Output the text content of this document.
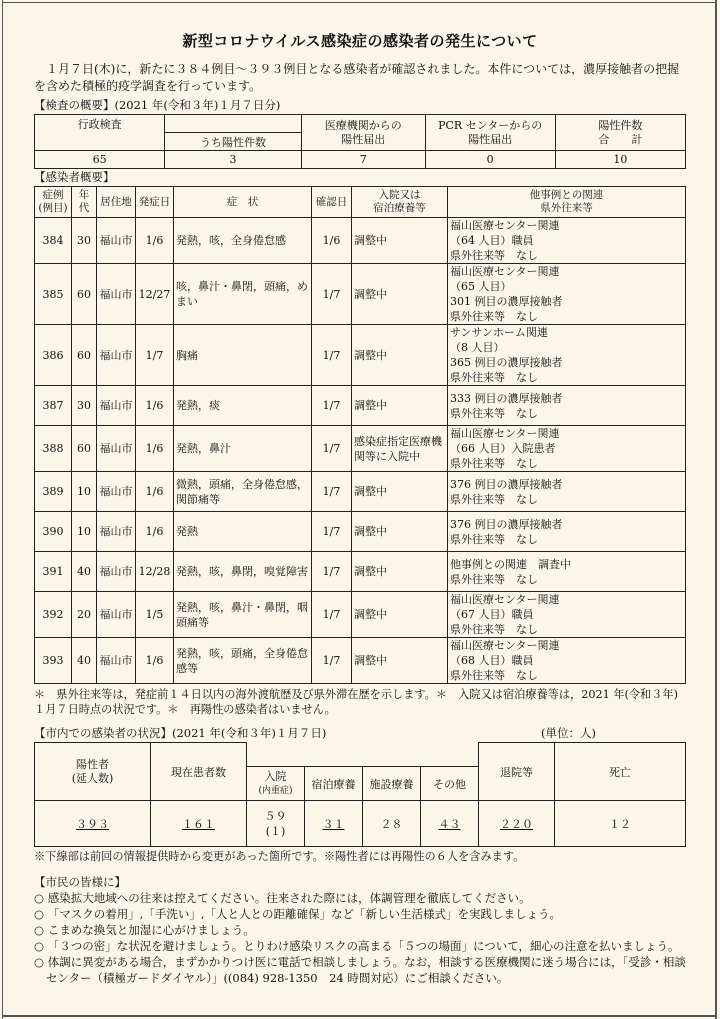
新型コロナウイルス感染症の感染者の発生について

１月７日(木)に，新たに３８４例目～３９３例目となる感染者が確認されました。本件については，濃厚接触者の把握を含めた積極的疫学調査を行っています。

【検査の概要】(2021 年(令和３年)１月７日分)
行政検査		医療機関からの
陽性届出	PCR センターからの
陽性届出	陽性件数
合　　計
	うち陽性件数			
65	3	7	0	10
【感染者概要】
症例
(例目)	年代	居住地	発症日	症　状	確認日	入院又は
宿泊療養等	他事例との関連
県外往来等
384	30	福山市	1/6	発熱，咳，全身倦怠感	1/6	調整中	福山医療センター関連
（64 人目）職員
県外往来等　なし
385	60	福山市	12/27	咳，鼻汁・鼻閉，頭痛，めまい	1/7	調整中	福山医療センター関連
（65 人目）
301 例目の濃厚接触者
県外往来等　なし
386	60	福山市	1/7	胸痛	1/7	調整中	サンサンホーム関連
（8 人目）
365 例目の濃厚接触者
県外往来等　なし
387	30	福山市	1/6	発熱，痰	1/7	調整中	333 例目の濃厚接触者
県外往来等　なし
388	60	福山市	1/6	発熱，鼻汁	1/7	感染症指定医療機関等に入院中	福山医療センター関連
（66 人目）入院患者
県外往来等　なし
389	10	福山市	1/6	微熱，頭痛，全身倦怠感，関節痛等	1/7	調整中	376 例目の濃厚接触者
県外往来等　なし
390	10	福山市	1/6	発熱	1/7	調整中	376 例目の濃厚接触者
県外往来等　なし
391	40	福山市	12/28	発熱，咳，鼻閉，嗅覚障害	1/7	調整中	他事例との関連　調査中
県外往来等　なし
392	20	福山市	1/5	発熱，咳，鼻汁・鼻閉，咽頭痛等	1/7	調整中	福山医療センター関連
（67 人目）職員
県外往来等　なし
393	40	福山市	1/6	発熱，咳，頭痛，全身倦怠感等	1/7	調整中	福山医療センター関連
（68 人目）職員
県外往来等　なし

＊　県外往来等は，発症前１４日以内の海外渡航歴及び県外滞在歴を示します。＊　入院又は宿泊療養等は，2021 年(令和３年)１月７日時点の状況です。＊　再陽性の感染者はいません。

【市内での感染者の状況】(2021 年(令和３年)１月７日)	(単位：人)
陽性者
(延人数)	現在患者数					退院等	死亡
		入院
(内重症)	宿泊療養	施設療養	その他		
３９３	１６１	５９
(１)	３１	２８	４３	２２０	１２

※下線部は前回の情報提供時から変更があった箇所です。※陽性者には再陽性の６人を含みます。

【市民の皆様に】
○ 感染拡大地域への往来は控えてください。往来された際には，体調管理を徹底してください。
○ 「マスクの着用」,「手洗い」,「人と人との距離確保」など「新しい生活様式」を実践しましょう。
○ こまめな換気と加湿に心がけましょう。
○ 「３つの密」な状況を避けましょう。とりわけ感染リスクの高まる「５つの場面」について，細心の注意を払いましょう。
○ 体調に異変がある場合，まずかかりつけ医に電話で相談しましょう。なお，相談する医療機関に迷う場合には，「受診・相談センター（積極ガードダイヤル）」((084) 928-1350　24 時間対応）にご相談ください。
